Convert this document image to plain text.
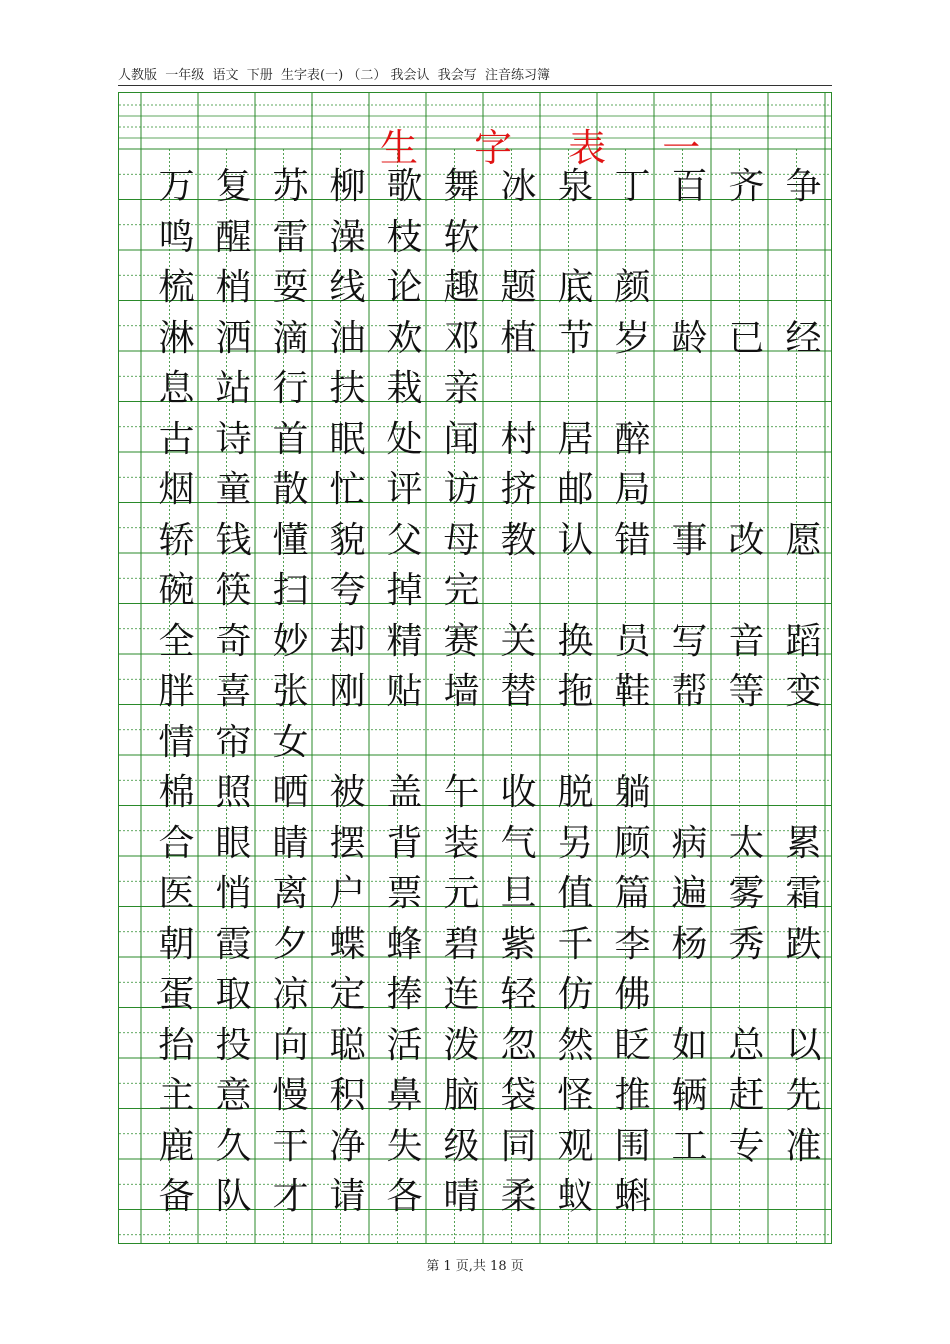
人教版  一年级  语文  下册  生字表(一) （二） 我会认  我会写  注音练习簿
生 字 表 一
万 复 苏 柳 歌 舞 冰 泉 丁 百 齐 争
鸣 醒 雷 澡 枝 软
梳 梢 耍 线 论 趣 题 底 颜
淋 洒 滴 油 欢 邓 植 节 岁 龄 已 经
息 站 行 扶 栽 亲
古 诗 首 眠 处 闻 村 居 醉
烟 童 散 忙 评 访 挤 邮 局
轿 钱 懂 貌 父 母 教 认 错 事 改 愿
碗 筷 扫 夸 掉 完
全 奇 妙 却 精 赛 关 换 员 写 音 蹈
胖 喜 张 刚 贴 墙 替 拖 鞋 帮 等 变
情 帘 女
棉 照 晒 被 盖 午 收 脱 躺
合 眼 睛 摆 背 装 气 另 顾 病 太 累
医 悄 离 户 票 元 旦 值 篇 遍 雾 霜
朝 霞 夕 蝶 蜂 碧 紫 千 李 杨 秀 跌
蛋 取 凉 定 捧 连 轻 仿 佛
抬 投 向 聪 活 泼 忽 然 眨 如 总 以
主 意 慢 积 鼻 脑 袋 怪 推 辆 赶 先
鹿 久 干 净 失 级 同 观 围 工 专 准
备 队 才 请 各 晴 柔 蚁 蝌
第 1 页,共 18 页
